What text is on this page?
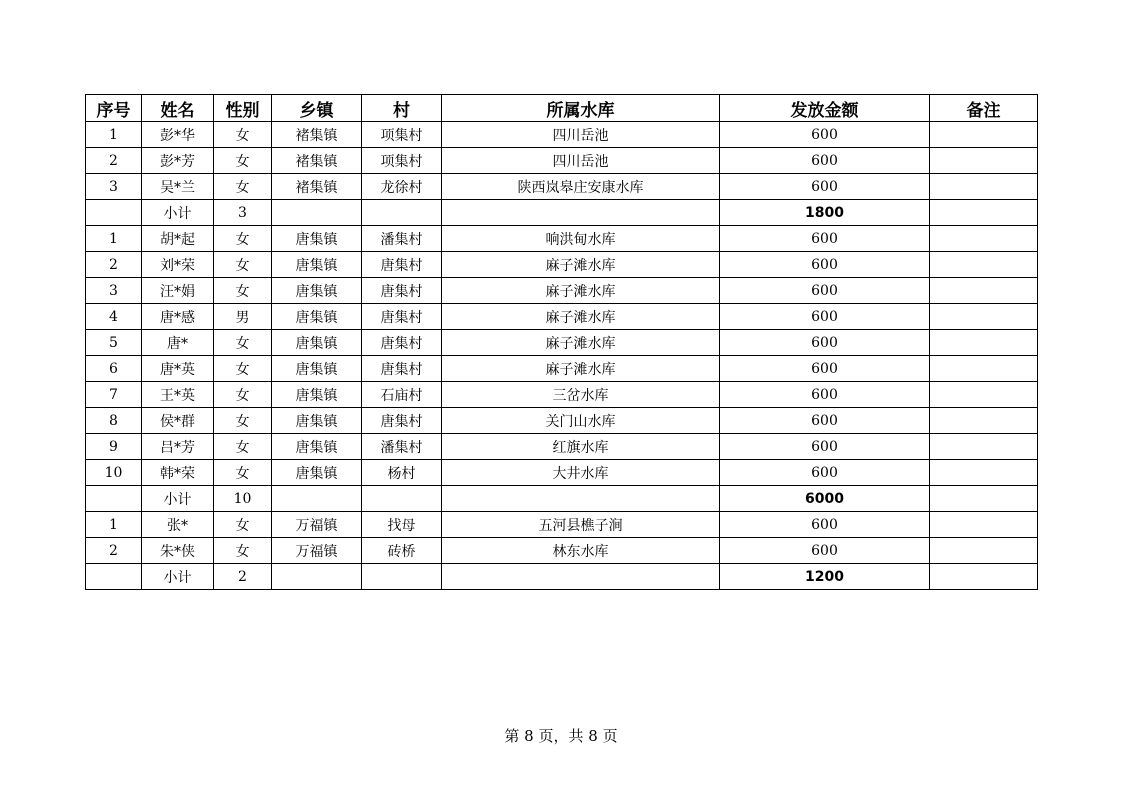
序号	姓名	性别	乡镇	村	所属水库	发放金额	备注
1	彭*华	女	褚集镇	项集村	四川岳池	600	
2	彭*芳	女	褚集镇	项集村	四川岳池	600	
3	吴*兰	女	褚集镇	龙徐村	陕西岚皋庄安康水库	600	
	小计	3				1800	
1	胡*起	女	唐集镇	潘集村	响洪甸水库	600	
2	刘*荣	女	唐集镇	唐集村	麻子滩水库	600	
3	汪*娟	女	唐集镇	唐集村	麻子滩水库	600	
4	唐*感	男	唐集镇	唐集村	麻子滩水库	600	
5	唐*	女	唐集镇	唐集村	麻子滩水库	600	
6	唐*英	女	唐集镇	唐集村	麻子滩水库	600	
7	王*英	女	唐集镇	石庙村	三岔水库	600	
8	侯*群	女	唐集镇	唐集村	关门山水库	600	
9	吕*芳	女	唐集镇	潘集村	红旗水库	600	
10	韩*荣	女	唐集镇	杨村	大井水库	600	
	小计	10				6000	
1	张*	女	万福镇	找母	五河县樵子涧	600	
2	朱*侠	女	万福镇	砖桥	林东水库	600	
	小计	2				1200	
第 8 页，共 8 页
